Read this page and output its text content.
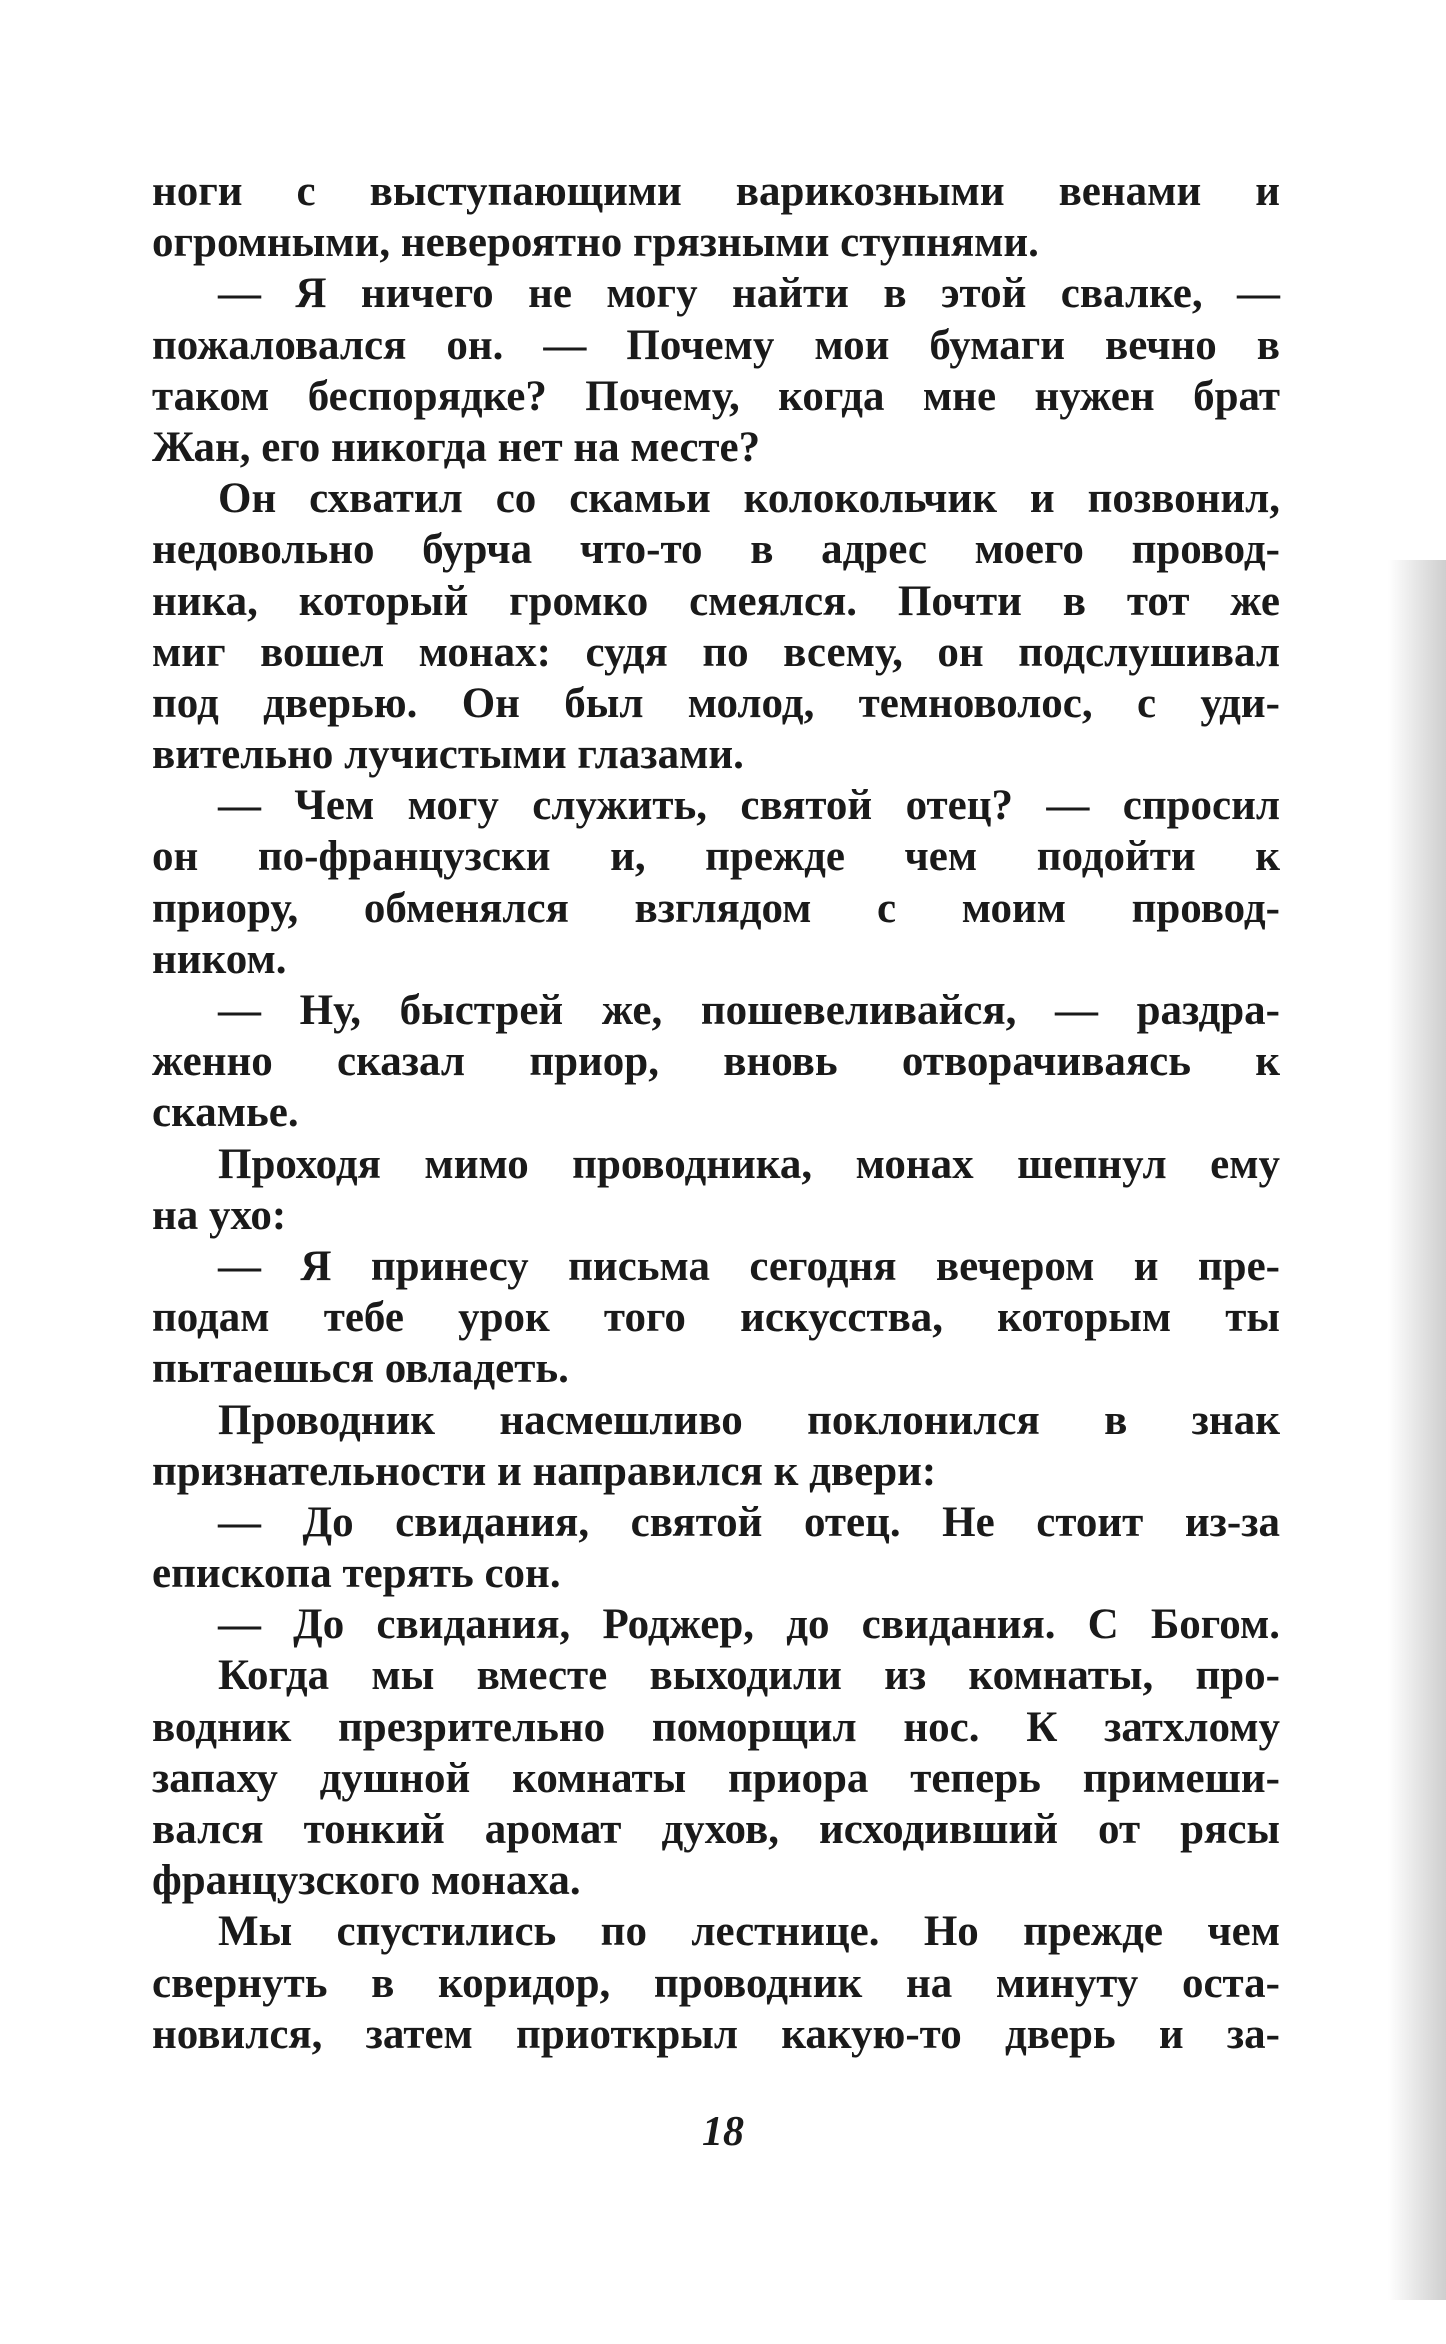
ноги с выступающими варикозными венами и
огромными, невероятно грязными ступнями.
— Я ничего не могу найти в этой свалке, —
пожаловался он. — Почему мои бумаги вечно в
таком беспорядке? Почему, когда мне нужен брат
Жан, его никогда нет на месте?
Он схватил со скамьи колокольчик и позвонил,
недовольно бурча что-то в адрес моего провод-
ника, который громко смеялся. Почти в тот же
миг вошел монах: судя по всему, он подслушивал
под дверью. Он был молод, темноволос, с уди-
вительно лучистыми глазами.
— Чем могу служить, святой отец? — спросил
он по-французски и, прежде чем подойти к
приору, обменялся взглядом с моим провод-
ником.
— Ну, быстрей же, пошевеливайся, — раздра-
женно сказал приор, вновь отворачиваясь к
скамье.
Проходя мимо проводника, монах шепнул ему
на ухо:
— Я принесу письма сегодня вечером и пре-
подам тебе урок того искусства, которым ты
пытаешься овладеть.
Проводник насмешливо поклонился в знак
признательности и направился к двери:
— До свидания, святой отец. Не стоит из-за
епископа терять сон.
— До свидания, Роджер, до свидания. С Богом.
Когда мы вместе выходили из комнаты, про-
водник презрительно поморщил нос. К затхлому
запаху душной комнаты приора теперь примеши-
вался тонкий аромат духов, исходивший от рясы
французского монаха.
Мы спустились по лестнице. Но прежде чем
свернуть в коридор, проводник на минуту оста-
новился, затем приоткрыл какую-то дверь и за-
18
